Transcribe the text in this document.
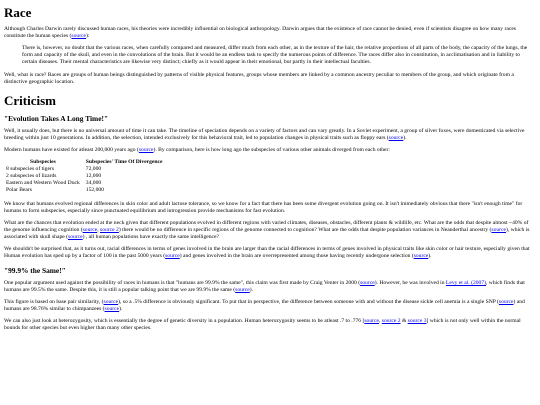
Race

Although Charles Darwin rarely discussed human races, his theories were incredibly influential on biological anthropology. Darwin argues that the existence of race cannot be denied, even if scientists disagree on how many races constitute the human species (source):

There is, however, no doubt that the various races, when carefully compared and measured, differ much from each other, as in the texture of the hair, the relative proportions of all parts of the body, the capacity of the lungs, the form and capacity of the skull, and even in the convolutions of the brain. But it would be an endless task to specify the numerous points of difference. The races differ also in constitution, in acclimatisation and in liability to certain diseases. Their mental characteristics are likewise very distinct; chiefly as it would appear in their emotional, but partly in their intellectual faculties.

Well, what is race? Races are groups of human beings distinguished by patterns of visible physical features, groups whose members are linked by a common ancestry peculiar to members of the group, and which originate from a distinctive geographic location.

Criticism
"Evolution Takes A Long Time!"

Well, it usually does, but there is no universal amount of time it can take. The timeline of speciation depends on a variety of factors and can vary greatly. In a Soviet experiment, a group of silver foxes, were domesticated via selective breeding within just 10 generations. In addition, the selection, intended exclusively for this behavioral trait, led to population changes in physical traits such as floppy ears (source).

Modern humans have existed for atleast 200,000 years ago (source). By comparison, here is how long ago the subspecies of various other animals diverged from each other:

Subspecies	Subspecies' Time Of Divergence
8 subspecies of tigers	72,000
2 subspecies of lizards	12,000
Eastern and Western Wood Duck	34,000
Polar Bears	152,000

We know that humans evolved regional differences in skin color and adult lactose tolerance, so we know for a fact that there has been some divergent evolution going on. It isn't immediately obvious that there "isn't enough time" for humans to form subspecies, especially since punctuated equilibrium and introgression provide mechanisms for fast evolution.

What are the chances that evolution ended at the neck given that different populations evolved in different regions with varied climates, diseases, obstacles, different plants & wildlife, etc. What are the odds that despite almost ~40% of the genome influencing cognition (source, source 2) there would be no difference in specific regions of the genome connected to cognition? What are the odds that despite population variances in Neanderthal ancestry (source), which is associated with skull shape (source) , all human populations have exactly the same intelligence?

We shouldn't be surprised that, as it turns out, racial differences in terms of genes involved in the brain are larger than the racial differences in terms of genes involved in physical traits like skin color or hair texture, especially given that Human evolution has sped up by a factor of 100 in the past 5000 years (source) and genes involved in the brain are overrepresented among those having recently undergone selection (source).

"99.9% the Same!"

One popular argument used against the possibility of races in humans is that "humans are 99.9% the same", this claim was first made by Craig Venter in 2000 (source). However, he was involved in Levy et al. (2007), which finds that humans are 99.5% the same. Despite this, it is still a popular talking point that we are 99.9% the same (source).

This figure is based on base pair similarity, (source), so a .5% difference is obviously significant. To put that in perspective, the difference between someone with and without the disease sickle cell anemia is a single SNP (source) and humans are 98.76% similar to chimpanzees (source).

We can also just look at heterozygosity, which is essentially the degree of genetic diversity in a population. Human heterozygosity seems to be atleast .7 to .776 [source, source 2 & source 3] which is not only well within the normal bounds for other species but even higher than many other species.
